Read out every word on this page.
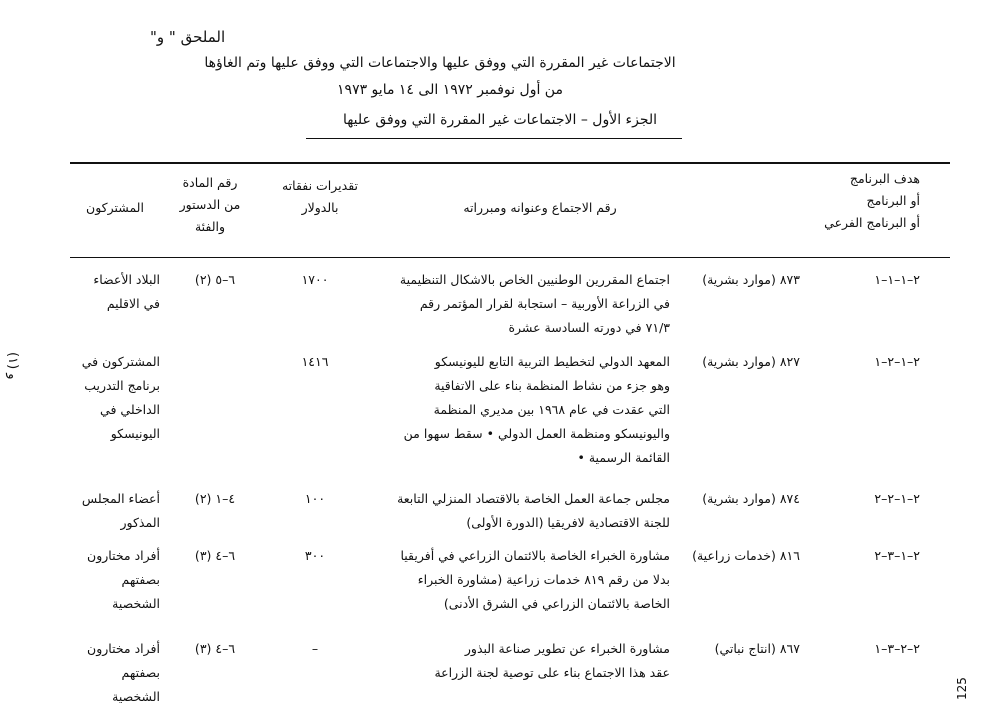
الملحق " و"
الاجتماعات غير المقررة التي ووفق عليها والاجتماعات التي ووفق عليها وتم الغاؤها
من أول نوفمبر ١٩٧٢ الى ١٤ مايو ١٩٧٣
الجزء الأول – الاجتماعات غير المقررة التي ووفق عليها
هدف البرنامج
أو البرنامج
أو البرنامج الفرعي
رقم الاجتماع وعنوانه ومبرراته
تقديرات نفقاته
بالدولار
رقم المادة
من الدستور
والفئة
المشتركون
٢–١–١–١
٨٧٣ (موارد بشرية)
اجتماع المقررين الوطنيين الخاص بالاشكال التنظيمية
في الزراعة الأوربية – استجابة لقرار المؤتمر رقم
٧١/٣ في دورته السادسة عشرة
١٧٠٠
٦–٥ (٢)
البلاد الأعضاء
في الاقليم
٢–١–٢–١
٨٢٧ (موارد بشرية)
المعهد الدولي لتخطيط التربية التابع لليونيسكو
وهو جزء من نشاط المنظمة بناء على الاتفاقية
التي عقدت في عام ١٩٦٨ بين مديري المنظمة
واليونيسكو ومنظمة العمل الدولي • سقط سهوا من
القائمة الرسمية •
١٤١٦
المشتركون في
برنامج التدريب
الداخلي في
اليونيسكو
٢–١–٢–٢
٨٧٤ (موارد بشرية)
مجلس جماعة العمل الخاصة بالاقتصاد المنزلي التابعة
للجنة الاقتصادية لافريقيا (الدورة الأولى)
١٠٠
٤–١ (٢)
أعضاء المجلس
المذكور
٢–١–٣–٢
٨١٦ (خدمات زراعية)
مشاورة الخبراء الخاصة بالائتمان الزراعي في أفريقيا
بدلا من رقم ٨١٩ خدمات زراعية (مشاورة الخبراء
الخاصة بالائتمان الزراعي في الشرق الأدنى)
٣٠٠
٦–٤ (٣)
أفراد مختارون
بصفتهم
الشخصية
٢–٢–٣–١
٨٦٧ (انتاج نباتي)
مشاورة الخبراء عن تطوير صناعة البذور
عقد هذا الاجتماع بناء على توصية لجنة الزراعة
–
٦–٤ (٣)
أفراد مختارون
بصفتهم الشخصية
و (١)
125
